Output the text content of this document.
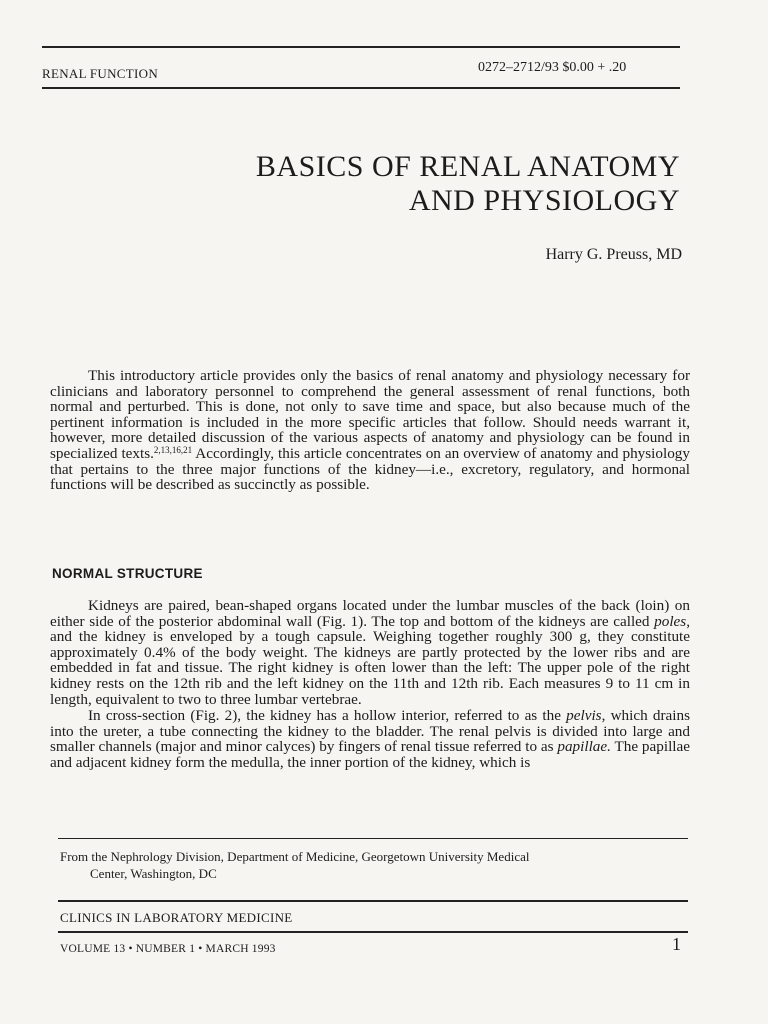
RENAL FUNCTION	0272–2712/93 $0.00 + .20
BASICS OF RENAL ANATOMY
AND PHYSIOLOGY
Harry G. Preuss, MD

This introductory article provides only the basics of renal anatomy and physiology necessary for clinicians and laboratory personnel to comprehend the general assessment of renal functions, both normal and perturbed. This is done, not only to save time and space, but also because much of the pertinent information is included in the more specific articles that follow. Should needs warrant it, however, more detailed discussion of the various aspects of anatomy and physiology can be found in specialized texts.$^{2,13,16,21}$ Accordingly, this article concentrates on an overview of anatomy and physiology that pertains to the three major functions of the kidney—i.e., excretory, regulatory, and hormonal functions will be described as succinctly as possible.

NORMAL STRUCTURE

Kidneys are paired, bean-shaped organs located under the lumbar muscles of the back (loin) on either side of the posterior abdominal wall (Fig. 1). The top and bottom of the kidneys are called poles, and the kidney is enveloped by a tough capsule. Weighing together roughly 300 g, they constitute approximately 0.4% of the body weight. The kidneys are partly protected by the lower ribs and are embedded in fat and tissue. The right kidney is often lower than the left: The upper pole of the right kidney rests on the 12th rib and the left kidney on the 11th and 12th rib. Each measures 9 to 11 cm in length, equivalent to two to three lumbar vertebrae.

In cross-section (Fig. 2), the kidney has a hollow interior, referred to as the pelvis, which drains into the ureter, a tube connecting the kidney to the bladder. The renal pelvis is divided into large and smaller channels (major and minor calyces) by fingers of renal tissue referred to as papillae. The papillae and adjacent kidney form the medulla, the inner portion of the kidney, which is

From the Nephrology Division, Department of Medicine, Georgetown University Medical
Center, Washington, DC
CLINICS IN LABORATORY MEDICINE
VOLUME 13 • NUMBER 1 • MARCH 1993	1
